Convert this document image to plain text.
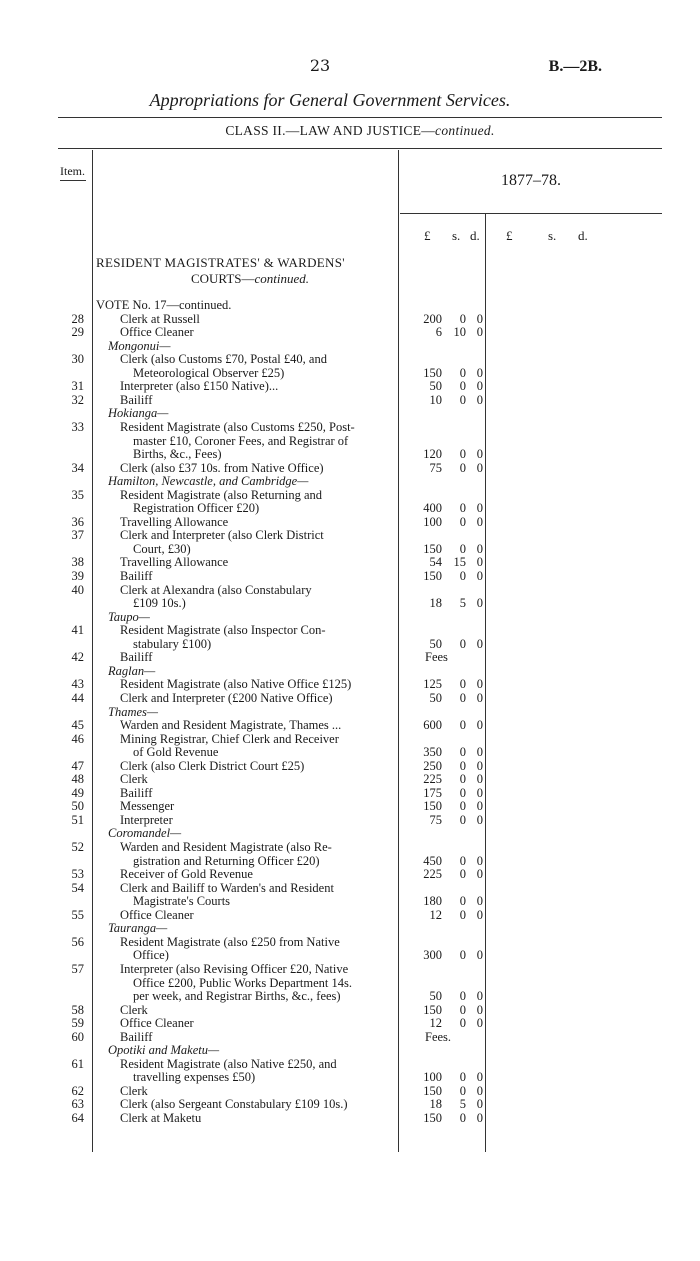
23	B.—2B.
Appropriations for General Government Services.
CLASS II.—LAW AND JUSTICE—continued.
Item.
1877–78.
£ s. d. £	s. d.
RESIDENT MAGISTRATES' & WARDENS'
COURTS—continued.
VOTE No. 17—continued.
28	Clerk at Russell	200	0 0
29	Office Cleaner	6 10 0
Mongonui—
30	Clerk (also Customs £70, Postal £40, and
Meteorological Observer £25)	150	0 0
31	Interpreter (also £150 Native)...	50	0 0
32	Bailiff	10	0 0
Hokianga—
33	Resident Magistrate (also Customs £250, Post-
master £10, Coroner Fees, and Registrar of
Births, &c., Fees)	120	0 0
34	Clerk (also £37 10s. from Native Office)	75	0 0
Hamilton, Newcastle, and Cambridge—
35	Resident Magistrate (also Returning and
Registration Officer £20)	400	0 0
36	Travelling Allowance	100	0 0
37	Clerk and Interpreter (also Clerk District
Court, £30)	150	0 0
38	Travelling Allowance	54 15 0
39	Bailiff	150	0 0
40	Clerk at Alexandra (also Constabulary
£109 10s.)	18	5 0
Taupo—
41	Resident Magistrate (also Inspector Con-
stabulary £100)	50	0 0
42	Bailiff	Fees
Raglan—
43	Resident Magistrate (also Native Office £125)	125	0 0
44	Clerk and Interpreter (£200 Native Office)	50	0 0
Thames—
45	Warden and Resident Magistrate, Thames ...	600	0 0
46	Mining Registrar, Chief Clerk and Receiver
of Gold Revenue	350	0 0
47	Clerk (also Clerk District Court £25)	250	0 0
48	Clerk	225	0 0
49	Bailiff	175	0 0
50	Messenger	150	0 0
51	Interpreter	75	0 0
Coromandel—
52	Warden and Resident Magistrate (also Re-
gistration and Returning Officer £20)	450	0 0
53	Receiver of Gold Revenue	225	0 0
54	Clerk and Bailiff to Warden's and Resident
Magistrate's Courts	180	0 0
55	Office Cleaner	12	0 0
Tauranga—
56	Resident Magistrate (also £250 from Native
Office)	300	0 0
57	Interpreter (also Revising Officer £20, Native
Office £200, Public Works Department 14s.
per week, and Registrar Births, &c., fees)	50	0 0
58	Clerk	150	0 0
59	Office Cleaner	12	0 0
60	Bailiff	Fees.
Opotiki and Maketu—
61	Resident Magistrate (also Native £250, and
travelling expenses £50)	100	0 0
62	Clerk	150	0 0
63	Clerk (also Sergeant Constabulary £109 10s.)	18	5 0
64	Clerk at Maketu	150	0 0
